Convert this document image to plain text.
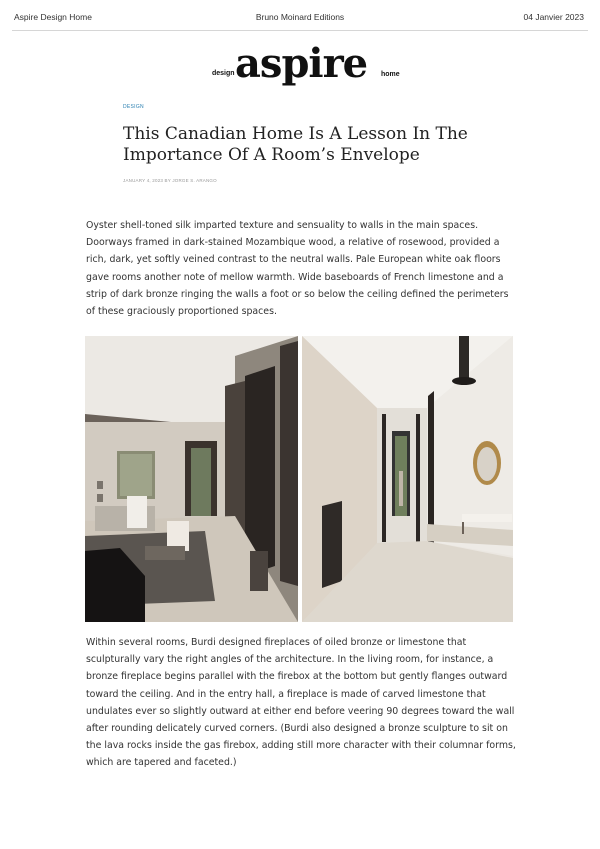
Aspire Design Home	Bruno Moinard Editions	04 Janvier 2023
design aspire home
DESIGN
This Canadian Home Is A Lesson In The Importance Of A Room’s Envelope
JANUARY 4, 2023 BY JORGE S. ARANGO
Oyster shell-toned silk imparted texture and sensuality to walls in the main spaces. Doorways framed in dark-stained Mozambique wood, a relative of rosewood, provided a rich, dark, yet softly veined contrast to the neutral walls. Pale European white oak floors gave rooms another note of mellow warmth. Wide baseboards of French limestone and a strip of dark bronze ringing the walls a foot or so below the ceiling defined the perimeters of these graciously proportioned spaces.
Within several rooms, Burdi designed fireplaces of oiled bronze or limestone that sculpturally vary the right angles of the architecture. In the living room, for instance, a bronze fireplace begins parallel with the firebox at the bottom but gently flanges outward toward the ceiling. And in the entry hall, a fireplace is made of carved limestone that undulates ever so slightly outward at either end before veering 90 degrees toward the wall after rounding delicately curved corners. (Burdi also designed a bronze sculpture to sit on the lava rocks inside the gas firebox, adding still more character with their columnar forms, which are tapered and faceted.)
